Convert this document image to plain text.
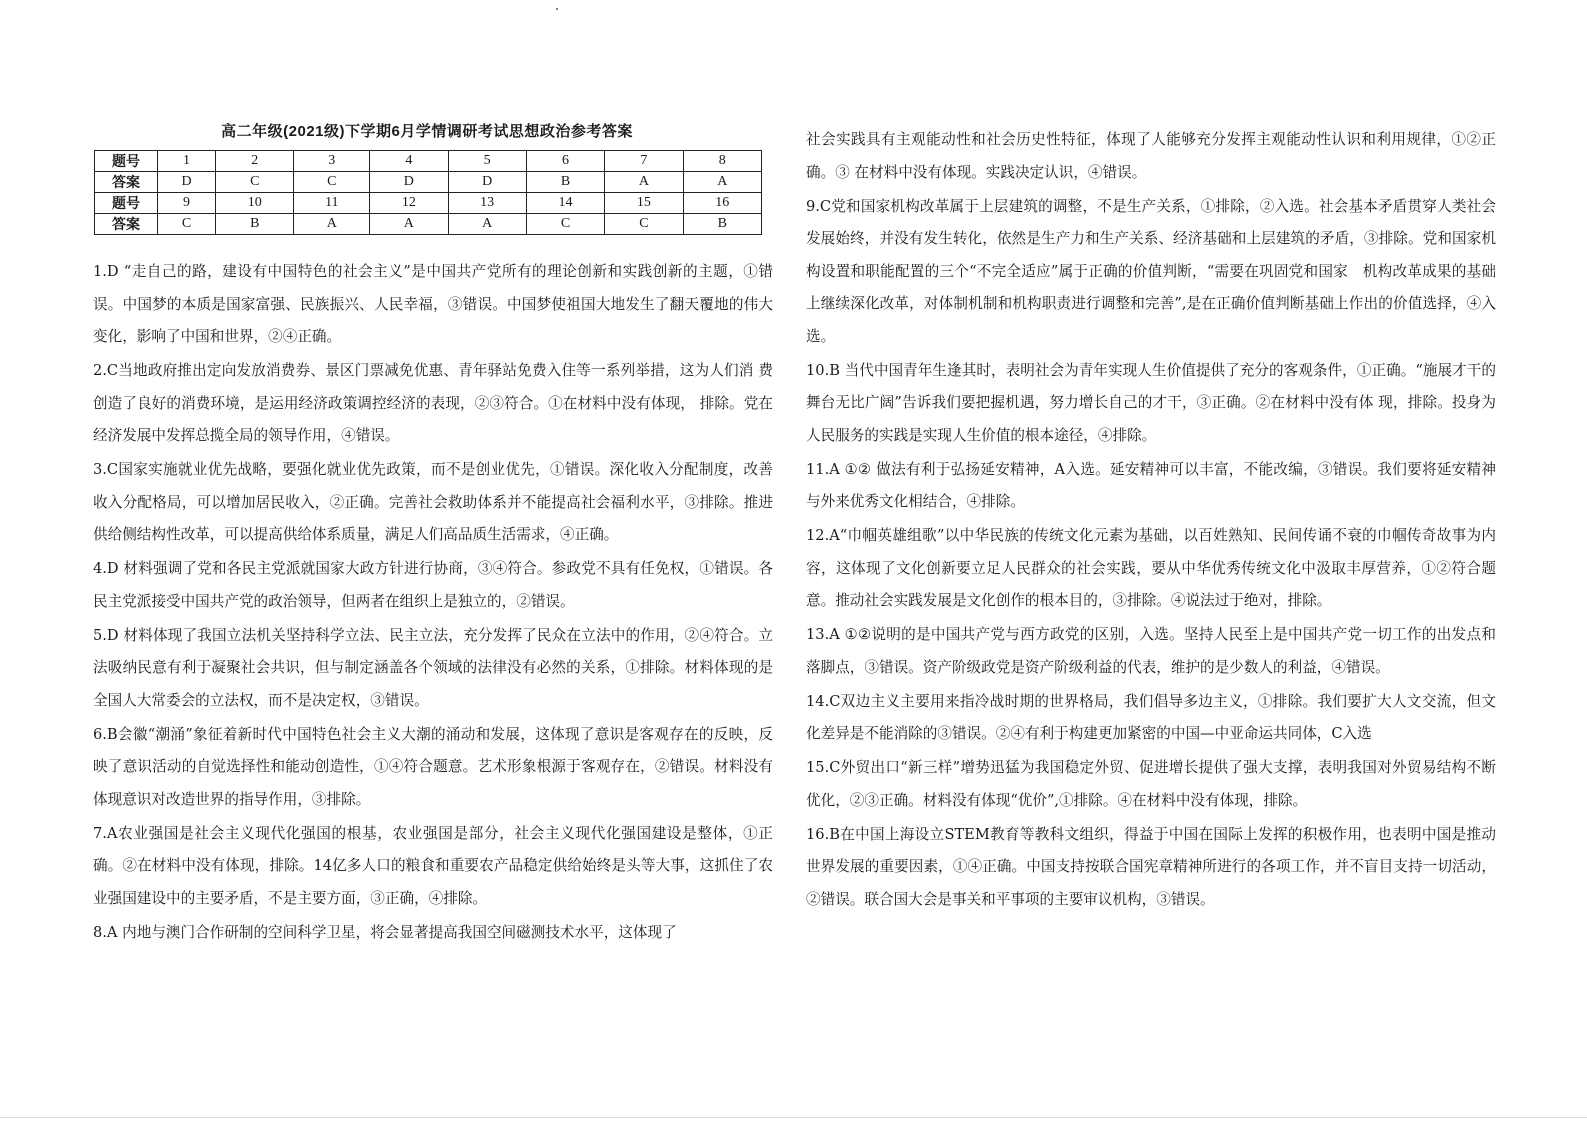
高二年级(2021级)下学期6月学情调研考试思想政治参考答案
题号	1	2	3	4	5	6	7	8
答案	D	C	C	D	D	B	A	A
题号	9	10	11	12	13	14	15	16
答案	C	B	A	A	A	C	C	B

1.D “走自己的路，建设有中国特色的社会主义”是中国共产党所有的理论创新和实践创新的主题，①错误。中国梦的本质是国家富强、民族振兴、人民幸福，③错误。中国梦使祖国大地发生了翻天覆地的伟大变化，影响了中国和世界，②④正确。

2.C当地政府推出定向发放消费券、景区门票减免优惠、青年驿站免费入住等一系列举措，这为人们消 费创造了良好的消费环境，是运用经济政策调控经济的表现，②③符合。①在材料中没有体现， 排除。党在经济发展中发挥总揽全局的领导作用，④错误。

3.C国家实施就业优先战略，要强化就业优先政策，而不是创业优先，①错误。深化收入分配制度，改善收入分配格局，可以增加居民收入，②正确。完善社会救助体系并不能提高社会福利水平，③排除。推进供给侧结构性改革，可以提高供给体系质量，满足人们高品质生活需求，④正确。

4.D 材料强调了党和各民主党派就国家大政方针进行协商，③④符合。参政党不具有任免权，①错误。各民主党派接受中国共产党的政治领导，但两者在组织上是独立的，②错误。

5.D 材料体现了我国立法机关坚持科学立法、民主立法，充分发挥了民众在立法中的作用，②④符合。立法吸纳民意有利于凝聚社会共识，但与制定涵盖各个领域的法律没有必然的关系，①排除。材料体现的是全国人大常委会的立法权，而不是决定权，③错误。

6.B会徽“潮涌”象征着新时代中国特色社会主义大潮的涌动和发展，这体现了意识是客观存在的反映，反映了意识活动的自觉选择性和能动创造性，①④符合题意。艺术形象根源于客观存在，②错误。材料没有体现意识对改造世界的指导作用，③排除。

7.A农业强国是社会主义现代化强国的根基，农业强国是部分，社会主义现代化强国建设是整体，①正确。②在材料中没有体现，排除。14亿多人口的粮食和重要农产品稳定供给始终是头等大事，这抓住了农业强国建设中的主要矛盾，不是主要方面，③正确，④排除。

8.A 内地与澳门合作研制的空间科学卫星，将会显著提高我国空间磁测技术水平，这体现了

社会实践具有主观能动性和社会历史性特征，体现了人能够充分发挥主观能动性认识和利用规律，①②正确。③ 在材料中没有体现。实践决定认识，④错误。

9.C党和国家机构改革属于上层建筑的调整，不是生产关系，①排除，②入选。社会基本矛盾贯穿人类社会发展始终，并没有发生转化，依然是生产力和生产关系、经济基础和上层建筑的矛盾，③排除。党和国家机构设置和职能配置的三个“不完全适应”属于正确的价值判断，“需要在巩固党和国家　机构改革成果的基础上继续深化改革，对体制机制和机构职责进行调整和完善”,是在正确价值判断基础上作出的价值选择，④入选。

10.B 当代中国青年生逢其时，表明社会为青年实现人生价值提供了充分的客观条件，①正确。“施展才干的舞台无比广阔”告诉我们要把握机遇，努力增长自己的才干，③正确。②在材料中没有体 现，排除。投身为人民服务的实践是实现人生价值的根本途径，④排除。

11.A ①② 做法有利于弘扬延安精神，A入选。延安精神可以丰富，不能改编，③错误。我们要将延安精神与外来优秀文化相结合，④排除。

12.A“巾帼英雄组歌”以中华民族的传统文化元素为基础，以百姓熟知、民间传诵不衰的巾帼传奇故事为内容，这体现了文化创新要立足人民群众的社会实践，要从中华优秀传统文化中汲取丰厚营养，①②符合题意。推动社会实践发展是文化创作的根本目的，③排除。④说法过于绝对，排除。

13.A ①②说明的是中国共产党与西方政党的区别，入选。坚持人民至上是中国共产党一切工作的出发点和落脚点，③错误。资产阶级政党是资产阶级利益的代表，维护的是少数人的利益，④错误。

14.C双边主义主要用来指冷战时期的世界格局，我们倡导多边主义，①排除。我们要扩大人文交流，但文化差异是不能消除的③错误。②④有利于构建更加紧密的中国—中亚命运共同体，C入选

15.C外贸出口“新三样”增势迅猛为我国稳定外贸、促进增长提供了强大支撑，表明我国对外贸易结构不断优化，②③正确。材料没有体现“优价”,①排除。④在材料中没有体现，排除。

16.B在中国上海设立STEM教育等教科文组织，得益于中国在国际上发挥的积极作用，也表明中国是推动世界发展的重要因素，①④正确。中国支持按联合国宪章精神所进行的各项工作，并不盲目支持一切活动，②错误。联合国大会是事关和平事项的主要审议机构，③错误。
